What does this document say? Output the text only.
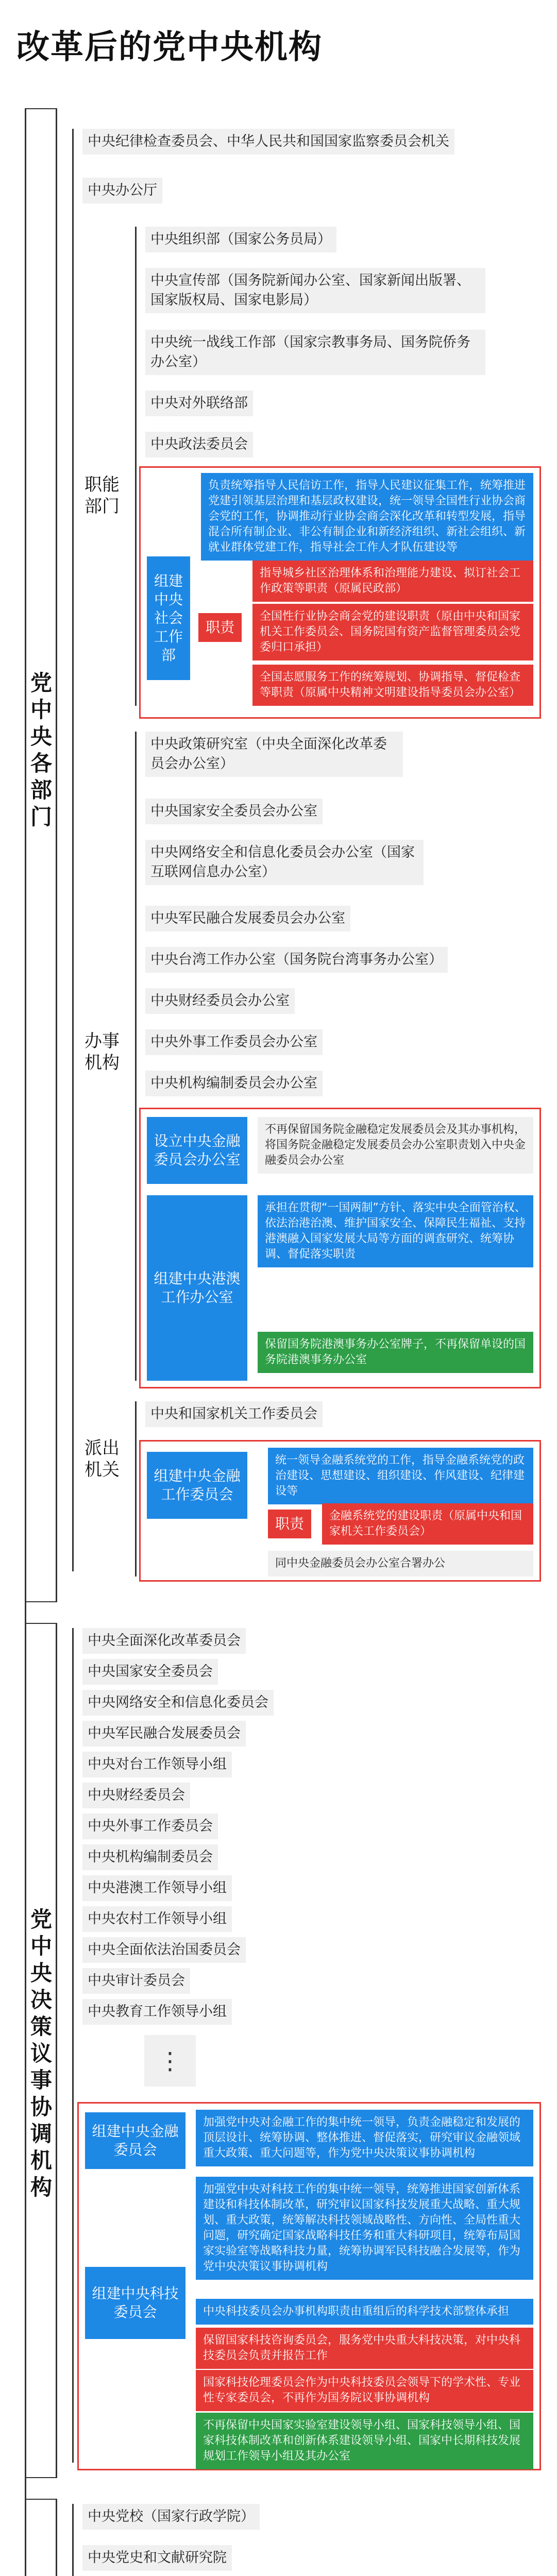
改革后的党中央机构
党中央各部门
中央纪律检查委员会、中华人民共和国国家监察委员会机关
中央办公厅
职能部门
中央组织部（国家公务员局）
中央宣传部（国务院新闻办公室、国家新闻出版署、国家版权局、国家电影局）
中央统一战线工作部（国家宗教事务局、国务院侨务办公室）
中央对外联络部
中央政法委员会
组建中央社会工作部
负责统筹指导人民信访工作，指导人民建议征集工作，统筹推进党建引领基层治理和基层政权建设，统一领导全国性行业协会商会党的工作，协调推动行业协会商会深化改革和转型发展，指导混合所有制企业、非公有制企业和新经济组织、新社会组织、新就业群体党建工作，指导社会工作人才队伍建设等
职责
指导城乡社区治理体系和治理能力建设、拟订社会工作政策等职责（原属民政部）
全国性行业协会商会党的建设职责（原由中央和国家机关工作委员会、国务院国有资产监督管理委员会党委归口承担）
全国志愿服务工作的统筹规划、协调指导、督促检查等职责（原属中央精神文明建设指导委员会办公室）
办事机构
中央政策研究室（中央全面深化改革委员会办公室）
中央国家安全委员会办公室
中央网络安全和信息化委员会办公室（国家互联网信息办公室）
中央军民融合发展委员会办公室
中央台湾工作办公室（国务院台湾事务办公室）
中央财经委员会办公室
中央外事工作委员会办公室
中央机构编制委员会办公室
设立中央金融委员会办公室
不再保留国务院金融稳定发展委员会及其办事机构，将国务院金融稳定发展委员会办公室职责划入中央金融委员会办公室
组建中央港澳工作办公室
承担在贯彻“一国两制”方针、落实中央全面管治权、依法治港治澳、维护国家安全、保障民生福祉、支持港澳融入国家发展大局等方面的调查研究、统筹协调、督促落实职责
保留国务院港澳事务办公室牌子，不再保留单设的国务院港澳事务办公室
派出机关
中央和国家机关工作委员会
组建中央金融工作委员会
统一领导金融系统党的工作，指导金融系统党的政治建设、思想建设、组织建设、作风建设、纪律建设等
职责	金融系统党的建设职责（原属中央和国家机关工作委员会）
同中央金融委员会办公室合署办公
党中央决策议事协调机构
中央全面深化改革委员会
中央国家安全委员会
中央网络安全和信息化委员会
中央军民融合发展委员会
中央对台工作领导小组
中央财经委员会
中央外事工作委员会
中央机构编制委员会
中央港澳工作领导小组
中央农村工作领导小组
中央全面依法治国委员会
中央审计委员会
中央教育工作领导小组
⋮
组建中央金融委员会
加强党中央对金融工作的集中统一领导，负责金融稳定和发展的顶层设计、统筹协调、整体推进、督促落实，研究审议金融领域重大政策、重大问题等，作为党中央决策议事协调机构
组建中央科技委员会
加强党中央对科技工作的集中统一领导，统筹推进国家创新体系建设和科技体制改革，研究审议国家科技发展重大战略、重大规划、重大政策，统筹解决科技领域战略性、方向性、全局性重大问题，研究确定国家战略科技任务和重大科研项目，统筹布局国家实验室等战略科技力量，统筹协调军民科技融合发展等，作为党中央决策议事协调机构
中央科技委员会办事机构职责由重组后的科学技术部整体承担
保留国家科技咨询委员会，服务党中央重大科技决策，对中央科技委员会负责并报告工作
国家科技伦理委员会作为中央科技委员会领导下的学术性、专业性专家委员会，不再作为国务院议事协调机构
不再保留中央国家实验室建设领导小组、国家科技领导小组、国家科技体制改革和创新体系建设领导小组、国家中长期科技发展规划工作领导小组及其办公室
中央党校（国家行政学院）
中央党史和文献研究院
